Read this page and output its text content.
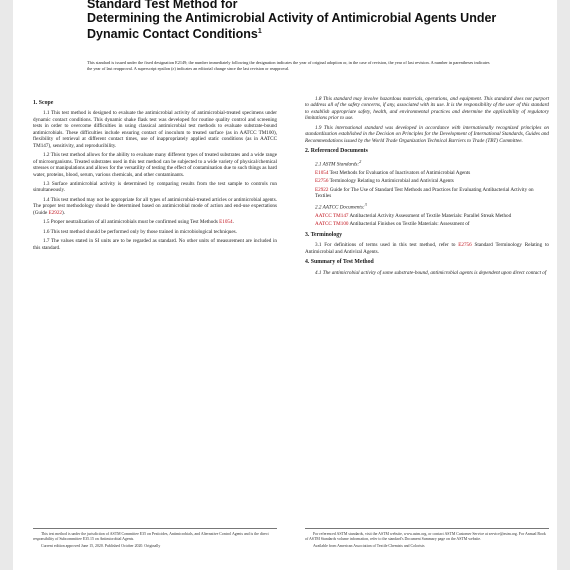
Standard Test Method for
Determining the Antimicrobial Activity of Antimicrobial Agents Under Dynamic Contact Conditions$^1$
This standard is issued under the fixed designation E2149; the number immediately following the designation indicates the year of original adoption or, in the case of revision, the year of last revision. A number in parentheses indicates the year of last reapproval. A superscript epsilon (ε) indicates an editorial change since the last revision or reapproval.
1. Scope

1.1 This test method is designed to evaluate the antimicrobial activity of antimicrobial-treated specimens under dynamic contact conditions. This dynamic shake flask test was developed for routine quality control and screening tests in order to overcome difficulties in using classical antimicrobial test methods to evaluate substrate-bound antimicrobials. These difficulties include ensuring contact of inoculum to treated surface (as in AATCC TM100), flexibility of retrieval at different contact times, use of inappropriately applied static conditions (as in AATCC TM147), sensitivity, and reproducibility.

1.2 This test method allows for the ability to evaluate many different types of treated substrates and a wide range of microorganisms. Treated substrates used in this test method can be subjected to a wide variety of physical/chemical stresses or manipulations and allows for the versatility of testing the effect of contamination due to such things as hard water, proteins, blood, serum, various chemicals, and other contaminants.

1.3 Surface antimicrobial activity is determined by comparing results from the test sample to controls run simultaneously.

1.4 This test method may not be appropriate for all types of antimicrobial-treated articles or antimicrobial agents. The proper test methodology should be determined based on antimicrobial mode of action and end-use expectations (Guide E2922).

1.5 Proper neutralization of all antimicrobials must be confirmed using Test Methods E1054.

1.6 This test method should be performed only by those trained in microbiological techniques.

1.7 The values stated in SI units are to be regarded as standard. No other units of measurement are included in this standard.

1.8 This standard may involve hazardous materials, operations, and equipment. This standard does not purport to address all of the safety concerns, if any, associated with its use. It is the responsibility of the user of this standard to establish appropriate safety, health, and environmental practices and determine the applicability of regulatory limitations prior to use.

1.9 This international standard was developed in accordance with internationally recognized principles on standardization established in the Decision on Principles for the Development of International Standards, Guides and Recommendations issued by the World Trade Organization Technical Barriers to Trade (TBT) Committee.

2. Referenced Documents
2.1 ASTM Standards:$^2$
E1054 Test Methods for Evaluation of Inactivators of Antimicrobial Agents
E2756 Terminology Relating to Antimicrobial and Antiviral Agents
E2922 Guide for The Use of Standard Test Methods and Practices for Evaluating Antibacterial Activity on Textiles
2.2 AATCC Documents:$^3$
AATCC TM147 Antibacterial Activity Assessment of Textile Materials: Parallel Streak Method
AATCC TM100 Antibacterial Finishes on Textile Materials: Assessment of
3. Terminology

3.1 For definitions of terms used in this test method, refer to E2756 Standard Terminology Relating to Antimicrobial and Antiviral Agents.

4. Summary of Test Method

4.1 The antimicrobial activity of some substrate-bound, antimicrobial agents is dependent upon direct contact of

This test method is under the jurisdiction of ASTM Committee E35 on Pesticides, Antimicrobials, and Alternative Control Agents and is the direct responsibility of Subcommittee E35.15 on Antimicrobial Agents.

Current edition approved June 15, 2020. Published October 2020. Originally

For referenced ASTM standards, visit the ASTM website, www.astm.org, or contact ASTM Customer Service at service@astm.org. For Annual Book of ASTM Standards volume information, refer to the standard's Document Summary page on the ASTM website.

Available from American Association of Textile Chemists and Colorists
